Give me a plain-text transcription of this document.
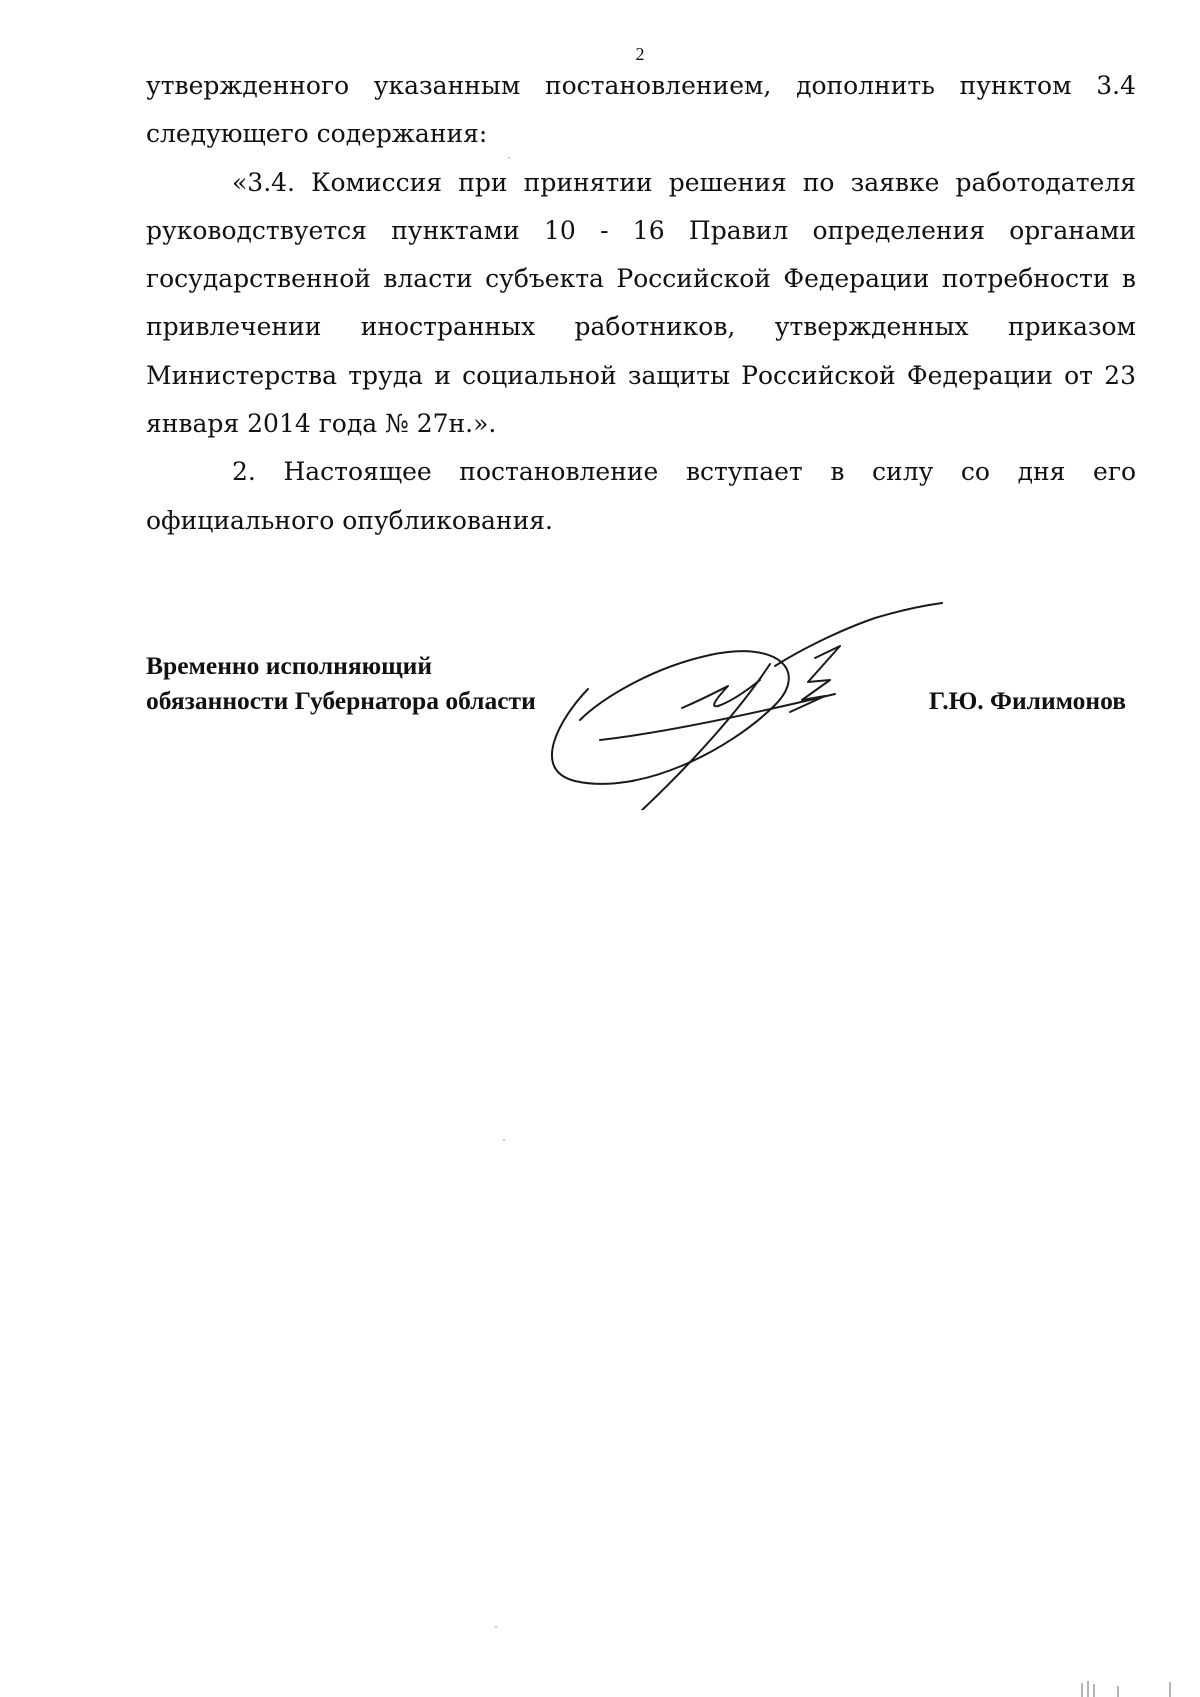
2

утвержденного указанным постановлением, дополнить пунктом 3.4 следующего содержания:

«3.4. Комиссия при принятии решения по заявке работодателя руководствуется пунктами 10 - 16 Правил определения органами государственной власти субъекта Российской Федерации потребности в привлечении иностранных работников, утвержденных приказом Министерства труда и социальной защиты Российской Федерации от 23 января 2014 года № 27н.».

2. Настоящее постановление вступает в силу со дня его официального опубликования.

Временно исполняющий
обязанности Губернатора области	Г.Ю. Филимонов
